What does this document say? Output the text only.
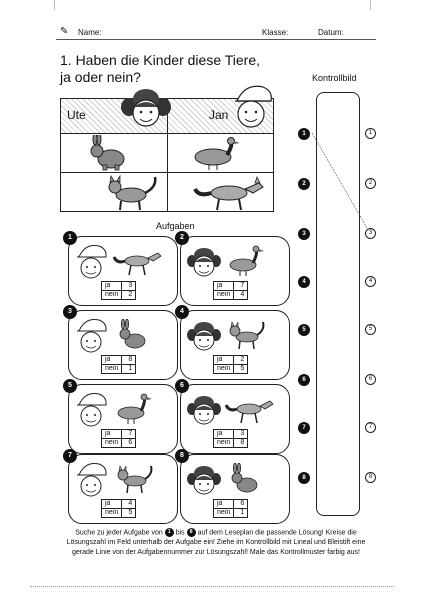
✎ Name:	Klasse:	Datum:
1. Haben die Kinder diese Tiere,
ja oder nein?
Ute	Jan
Aufgaben
1
ja	3
nein	2
2
ja	7
nein	4
3
ja	8
nein	1
4
ja	2
nein	5
5
ja	7
nein	6
6
ja	3
nein	8
7
ja	4
nein	5
8
ja	6
nein	1
Kontrollbild
1	1
2	2
3	3
4	4
5	5
6	6
7	7
8	8
Suche zu jeder Aufgabe von 1 bis 8 auf dem Leseplan die passende Lösung! Kreise die Lösungszahl im Feld unterhalb der Aufgabe ein! Ziehe im Kontrollbild mit Lineal und Bleistift eine gerade Linie von der Aufgabennummer zur Lösungszahl! Male das Kontrollmuster farbig aus!
